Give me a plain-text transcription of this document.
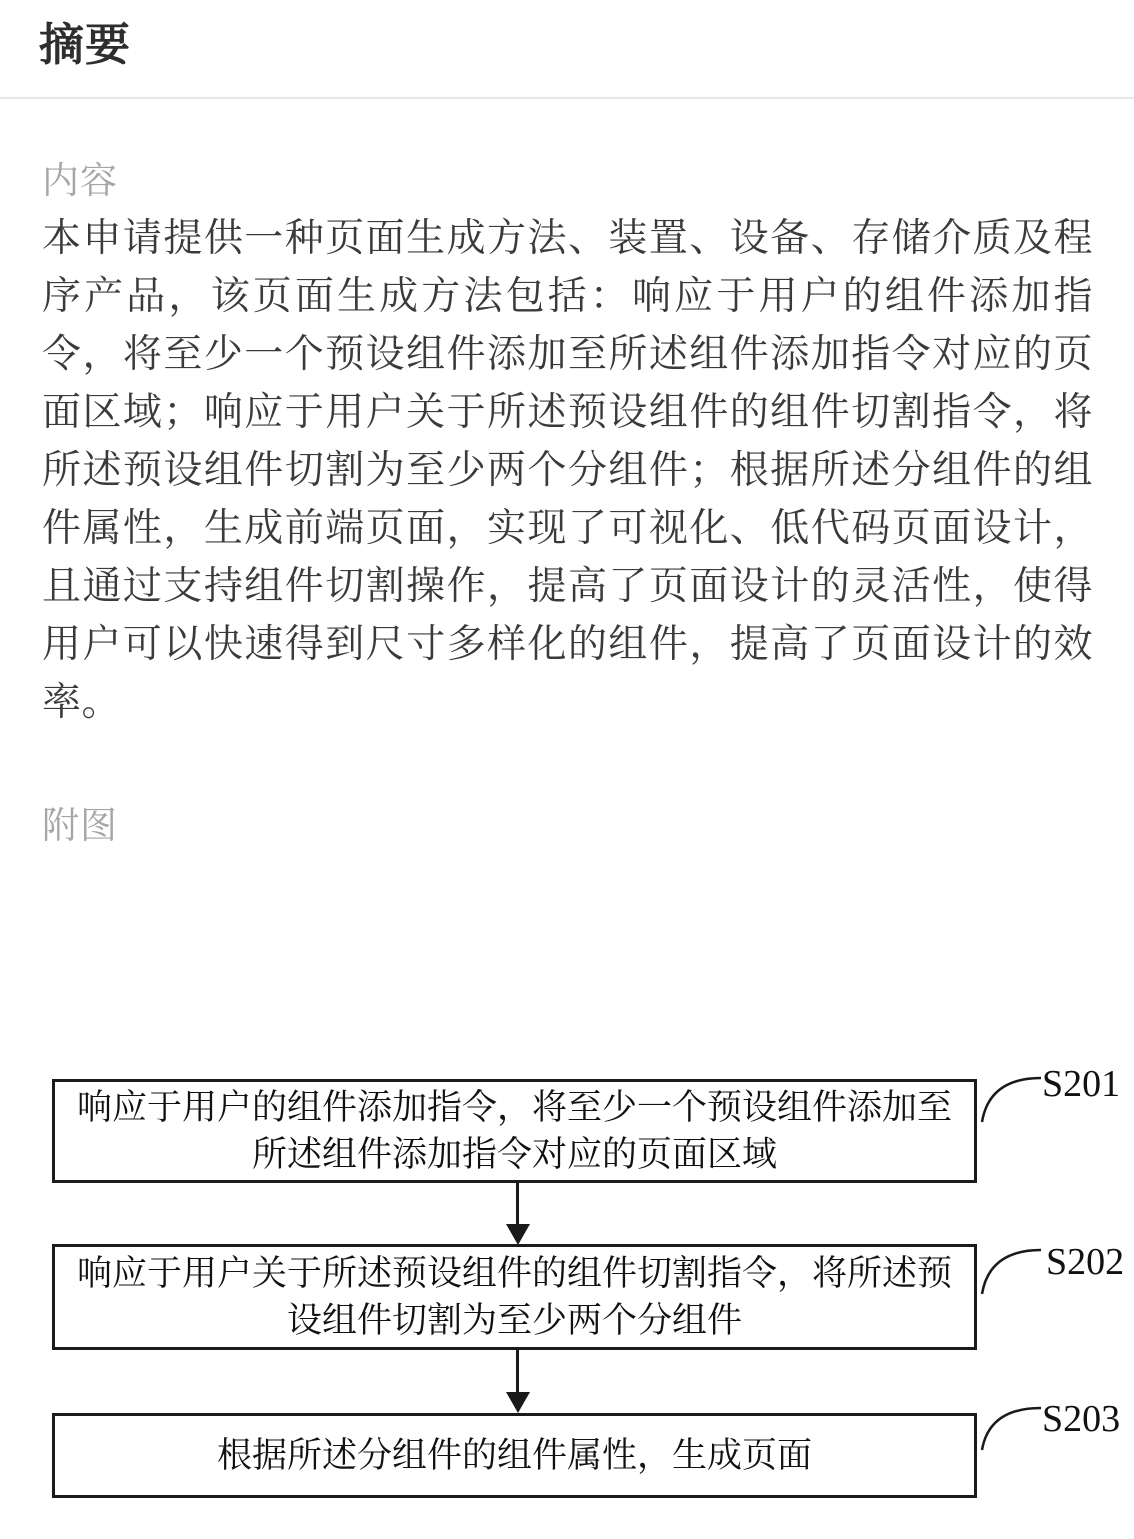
摘要
内容
本申请提供一种页面生成方法、装置、设备、存储介质及程序产品，该页面生成方法包括：响应于用户的组件添加指令，将至少一个预设组件添加至所述组件添加指令对应的页面区域；响应于用户关于所述预设组件的组件切割指令，将所述预设组件切割为至少两个分组件；根据所述分组件的组件属性，生成前端页面，实现了可视化、低代码页面设计，且通过支持组件切割操作，提高了页面设计的灵活性，使得用户可以快速得到尺寸多样化的组件，提高了页面设计的效率。
附图
响应于用户的组件添加指令，将至少一个预设组件添加至所述组件添加指令对应的页面区域
响应于用户关于所述预设组件的组件切割指令，将所述预设组件切割为至少两个分组件
根据所述分组件的组件属性，生成页面
S201
S202
S203
